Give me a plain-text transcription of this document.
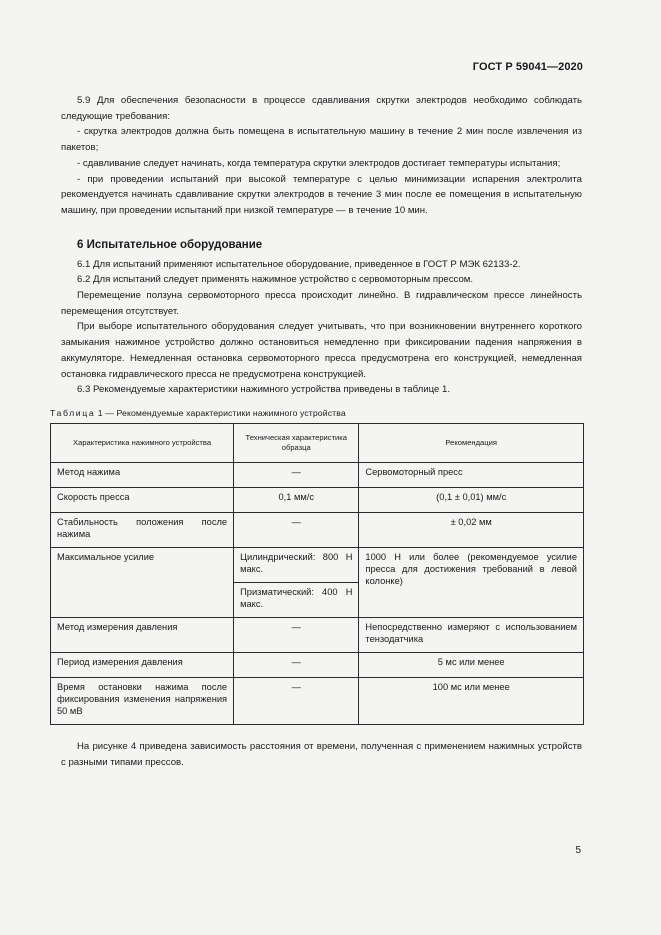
ГОСТ Р 59041—2020

5.9 Для обеспечения безопасности в процессе сдавливания скрутки электродов необходимо соблюдать следующие требования:

- скрутка электродов должна быть помещена в испытательную машину в течение 2 мин после извлечения из пакетов;

- сдавливание следует начинать, когда температура скрутки электродов достигает температуры испытания;

- при проведении испытаний при высокой температуре с целью минимизации испарения электролита рекомендуется начинать сдавливание скрутки электродов в течение 3 мин после ее помещения в испытательную машину, при проведении испытаний при низкой температуре — в течение 10 мин.

6 Испытательное оборудование

6.1 Для испытаний применяют испытательное оборудование, приведенное в ГОСТ Р МЭК 62133-2.

6.2 Для испытаний следует применять нажимное устройство с сервомоторным прессом.

Перемещение ползуна сервомоторного пресса происходит линейно. В гидравлическом прессе линейность перемещения отсутствует.

При выборе испытательного оборудования следует учитывать, что при возникновении внутреннего короткого замыкания нажимное устройство должно остановиться немедленно при фиксировании падения напряжения в аккумуляторе. Немедленная остановка сервомоторного пресса предусмотрена его конструкцией, немедленная остановка гидравлического пресса не предусмотрена конструкцией.

6.3 Рекомендуемые характеристики нажимного устройства приведены в таблице 1.

Таблица 1 — Рекомендуемые характеристики нажимного устройства
Характеристика нажимного устройства	Техническая характеристика образца	Рекомендация
Метод нажима	—	Сервомоторный пресс
Скорость пресса	0,1 мм/с	(0,1 ± 0,01) мм/с
Стабильность положения после нажима	—	± 0,02 мм
Максимальное усилие	Цилиндрический: 800 Н макс.	1000 Н или более (рекомендуемое усилие пресса для достижения требований в левой колонке)
	Призматический: 400 Н макс.	
Метод измерения давления	—	Непосредственно измеряют с использованием тензодатчика
Период измерения давления	—	5 мс или менее
Время остановки нажима после фиксирования изменения напряжения 50 мВ	—	100 мс или менее

На рисунке 4 приведена зависимость расстояния от времени, полученная с применением нажимных устройств с разными типами прессов.

5
